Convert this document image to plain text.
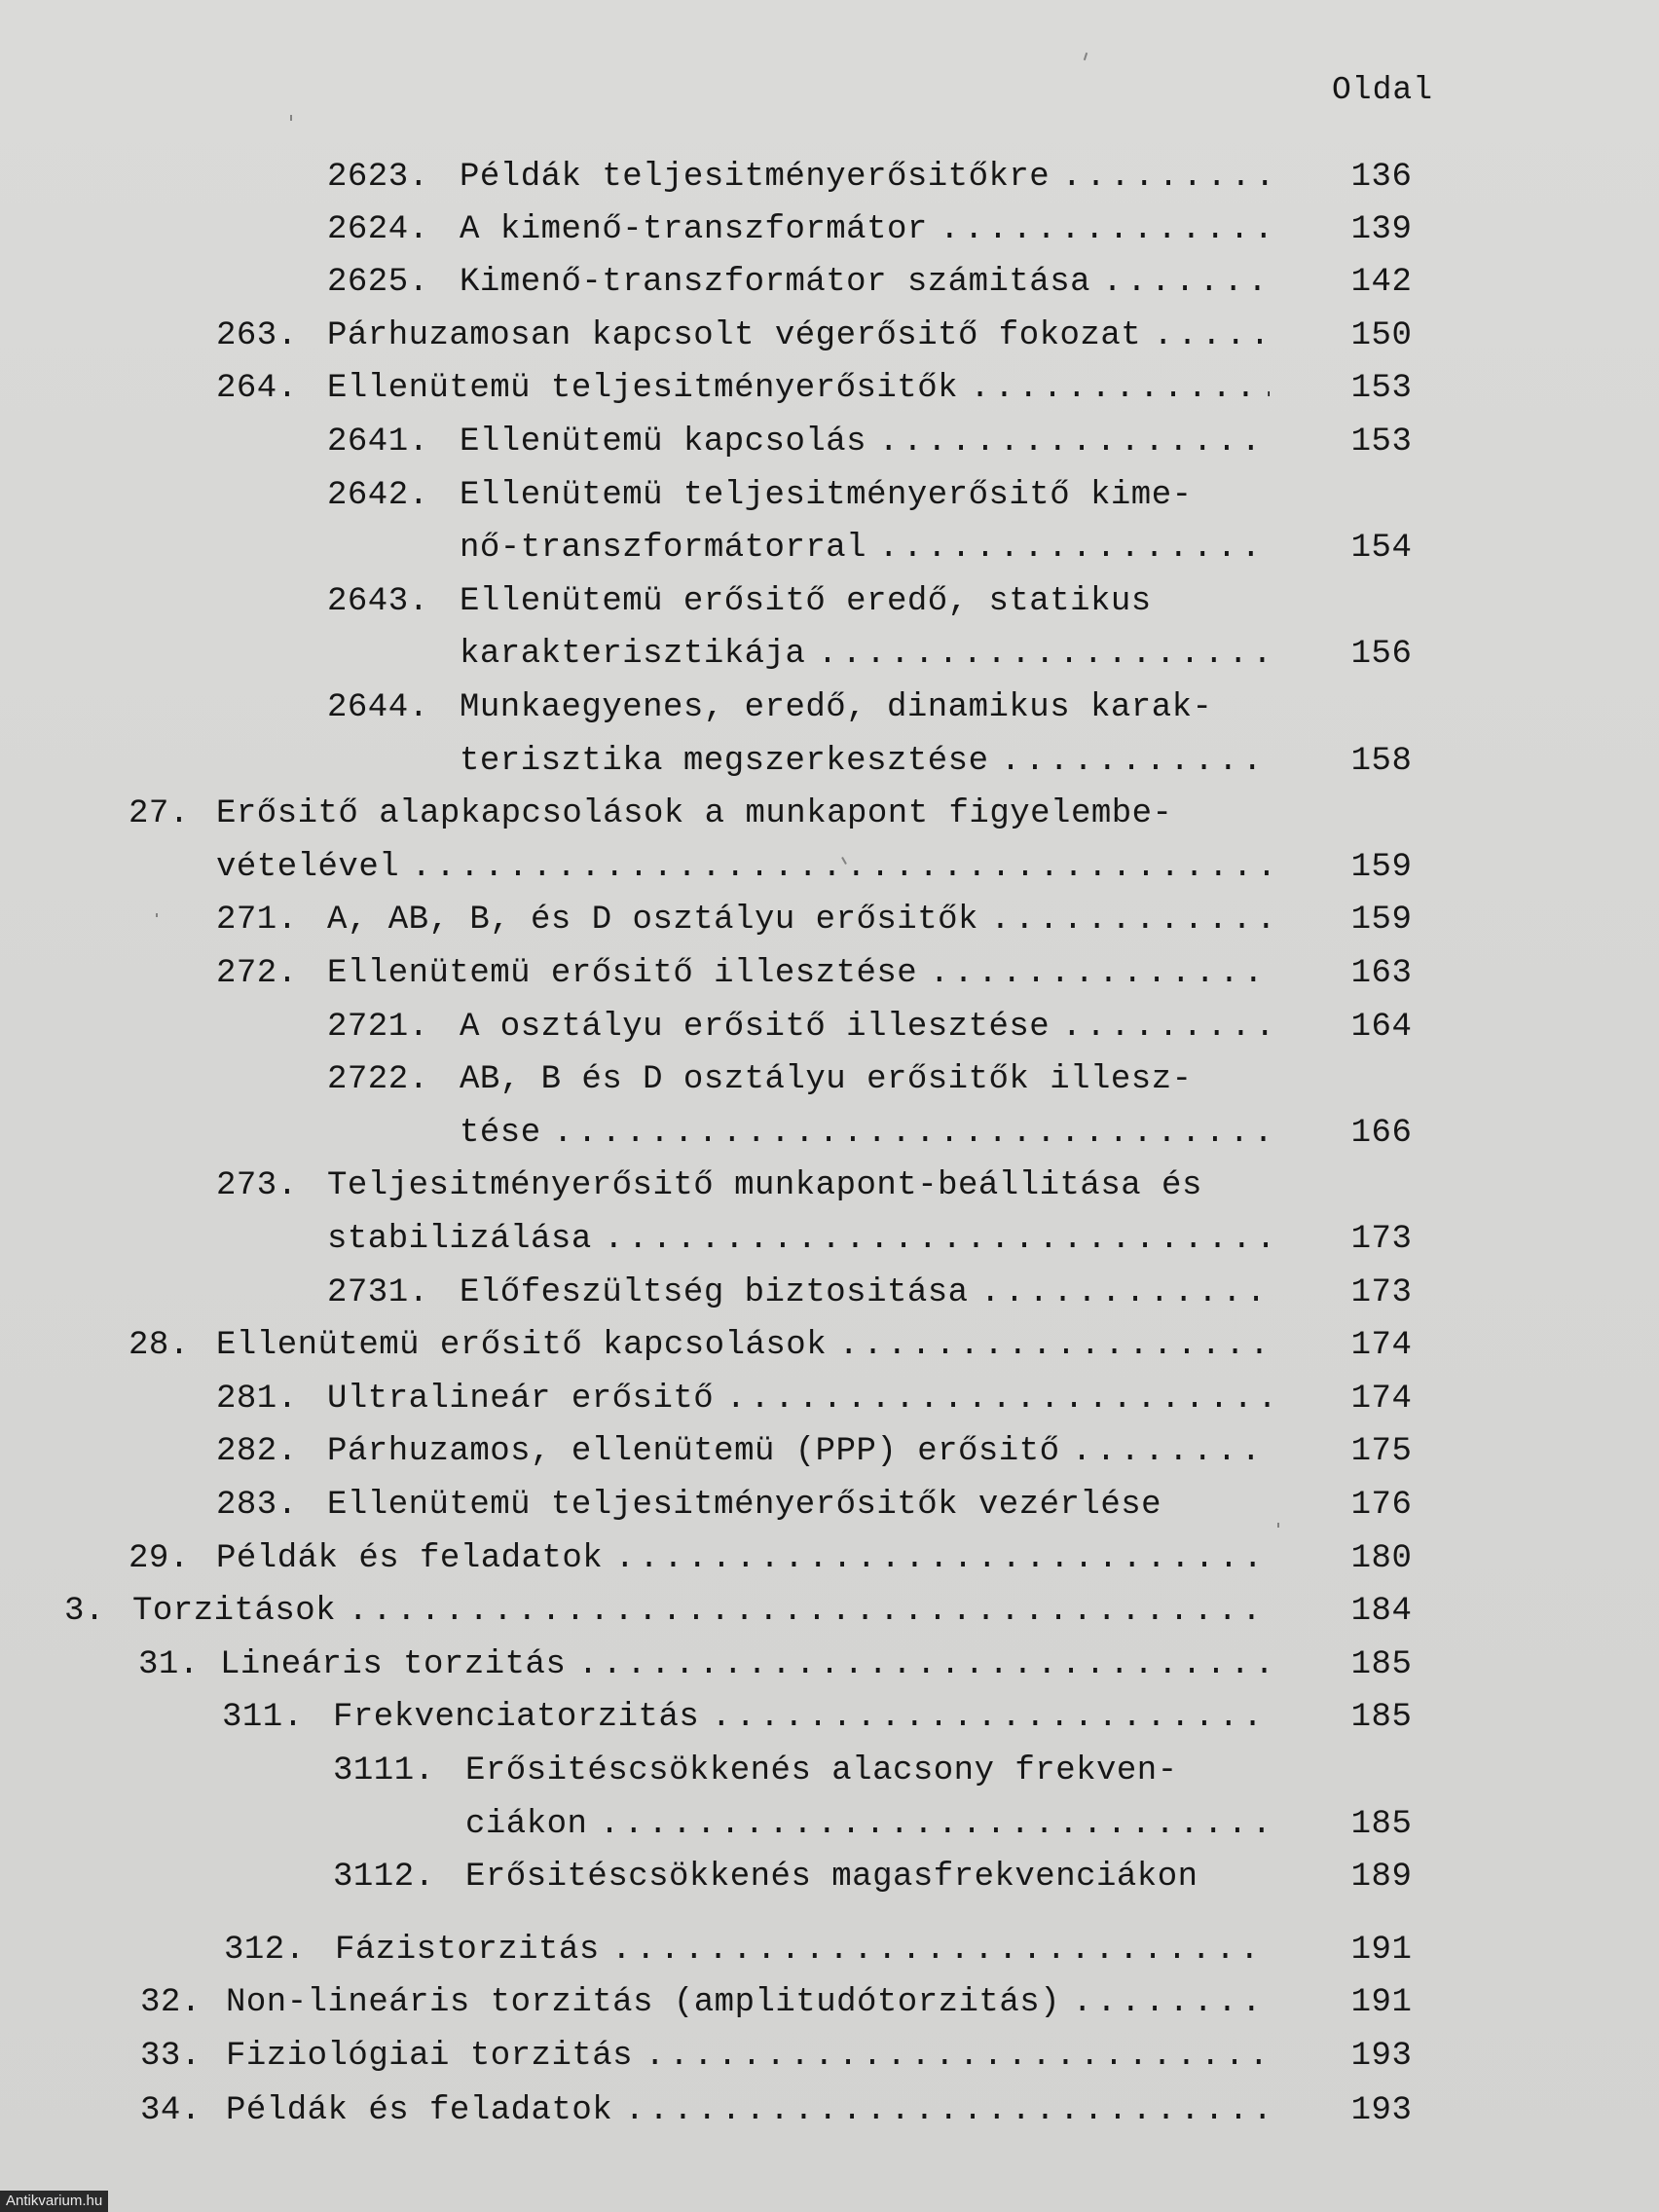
Oldal
2623. Példák teljesitményerősitőkre . . .	136
2624. A kimenő-transzformátor . . .	139
2625. Kimenő-transzformátor számitása . . .	142
263. Párhuzamosan kapcsolt végerősitő fokozat . . .	150
264. Ellenütemü teljesitményerősitők . . .	153
2641. Ellenütemü kapcsolás . . .	153
2642. Ellenütemü teljesitményerősitő kime-
nő-transzformátorral . . .	154
2643. Ellenütemü erősitő eredő, statikus
karakterisztikája . . .	156
2644. Munkaegyenes, eredő, dinamikus karak-
terisztika megszerkesztése . . .	158
27. Erősitő alapkapcsolások a munkapont figyelembe-
vételével . . .	159
271. A, AB, B, és D osztályu erősitők . . .	159
272. Ellenütemü erősitő illesztése . . .	163
2721. A osztályu erősitő illesztése . . .	164
2722. AB, B és D osztályu erősitők illesz-
tése . . .	166
273. Teljesitményerősitő munkapont-beállitása és
stabilizálása . . .	173
2731. Előfeszültség biztositása . . .	173
28. Ellenütemü erősitő kapcsolások . . .	174
281. Ultralineár erősitő . . .	174
282. Párhuzamos, ellenütemü (PPP) erősitő . . .	175
283. Ellenütemü teljesitményerősitők vezérlése	176
29. Példák és feladatok . . .	180
3. Torzitások . . .	184
31. Lineáris torzitás . . .	185
311. Frekvenciatorzitás . . .	185
3111. Erősitéscsökkenés alacsony frekven-
ciákon . . .	185
3112. Erősitéscsökkenés magasfrekvenciákon	189
312. Fázistorzitás . . .	191
32. Non-lineáris torzitás (amplitudótorzitás) . . .	191
33. Fiziológiai torzitás . . .	193
34. Példák és feladatok . . .	193
Antikvarium.hu
